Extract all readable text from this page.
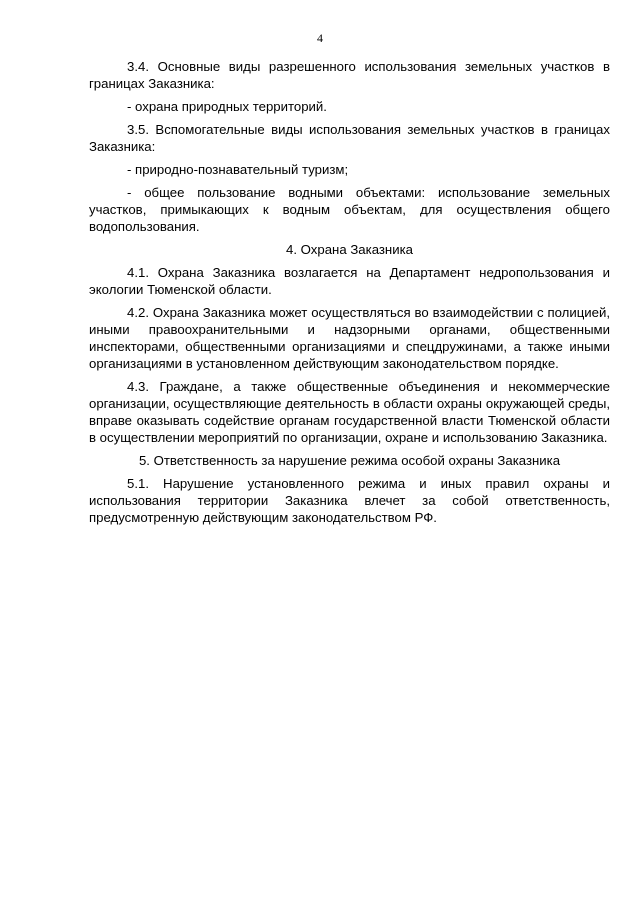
4

3.4. Основные виды разрешенного использования земельных участков в границах Заказника:

- охрана природных территорий.

3.5. Вспомогательные виды использования земельных участков в границах Заказника:

- природно-познавательный туризм;

- общее пользование водными объектами: использование земельных участков, примыкающих к водным объектам, для осуществления общего водопользования.

4. Охрана Заказника

4.1. Охрана Заказника возлагается на Департамент недропользования и экологии Тюменской области.

4.2. Охрана Заказника может осуществляться во взаимодействии с полицией, иными правоохранительными и надзорными органами, общественными инспекторами, общественными организациями и спецдружинами, а также иными организациями в установленном действующим законодательством порядке.

4.3. Граждане, а также общественные объединения и некоммерческие организации, осуществляющие деятельность в области охраны окружающей среды, вправе оказывать содействие органам государственной власти Тюменской области в осуществлении мероприятий по организации, охране и использованию Заказника.

5. Ответственность за нарушение режима особой охраны Заказника

5.1. Нарушение установленного режима и иных правил охраны и использования территории Заказника влечет за собой ответственность, предусмотренную действующим законодательством РФ.
